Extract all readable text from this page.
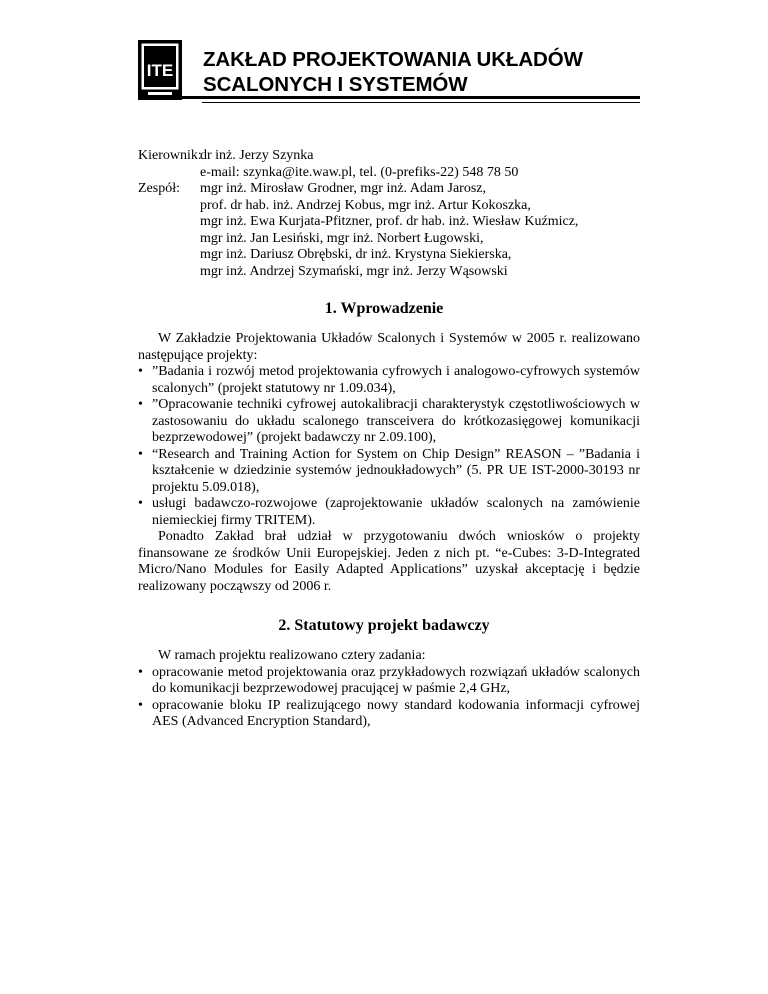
ITE ZAKŁAD PROJEKTOWANIA UKŁADÓW
SCALONYCH I SYSTEMÓW
Kierownik:
dr inż. Jerzy Szynka
e-mail: szynka@ite.waw.pl, tel. (0-prefiks-22) 548 78 50
Zespół: mgr inż. Mirosław Grodner, mgr inż. Adam Jarosz,
prof. dr hab. inż. Andrzej Kobus, mgr inż. Artur Kokoszka,
mgr inż. Ewa Kurjata-Pfitzner, prof. dr hab. inż. Wiesław Kuźmicz,
mgr inż. Jan Lesiński, mgr inż. Norbert Ługowski,
mgr inż. Dariusz Obrębski, dr inż. Krystyna Siekierska,
mgr inż. Andrzej Szymański, mgr inż. Jerzy Wąsowski
1. Wprowadzenie

W Zakładzie Projektowania Układów Scalonych i Systemów w 2005 r. realizowano następujące projekty:

• ”Badania i rozwój metod projektowania cyfrowych i analogowo-cyfrowych systemów scalonych” (projekt statutowy nr 1.09.034),

• ”Opracowanie techniki cyfrowej autokalibracji charakterystyk częstotliwościowych w zastosowaniu do układu scalonego transceivera do krótkozasięgowej komunikacji bezprzewodowej” (projekt badawczy nr 2.09.100),

• “Research and Training Action for System on Chip Design” REASON – ”Badania i kształcenie w dziedzinie systemów jednoukładowych” (5. PR UE IST-2000-30193 nr projektu 5.09.018),

• usługi badawczo-rozwojowe (zaprojektowanie układów scalonych na zamówienie niemieckiej firmy TRITEM).

Ponadto Zakład brał udział w przygotowaniu dwóch wniosków o projekty finansowane ze środków Unii Europejskiej. Jeden z nich pt. “e-Cubes: 3-D-Integrated Micro/Nano Modules for Easily Adapted Applications” uzyskał akceptację i będzie realizowany począwszy od 2006 r.

2. Statutowy projekt badawczy

W ramach projektu realizowano cztery zadania:

• opracowanie metod projektowania oraz przykładowych rozwiązań układów scalonych do komunikacji bezprzewodowej pracującej w paśmie 2,4 GHz,

• opracowanie bloku IP realizującego nowy standard kodowania informacji cyfrowej AES (Advanced Encryption Standard),
